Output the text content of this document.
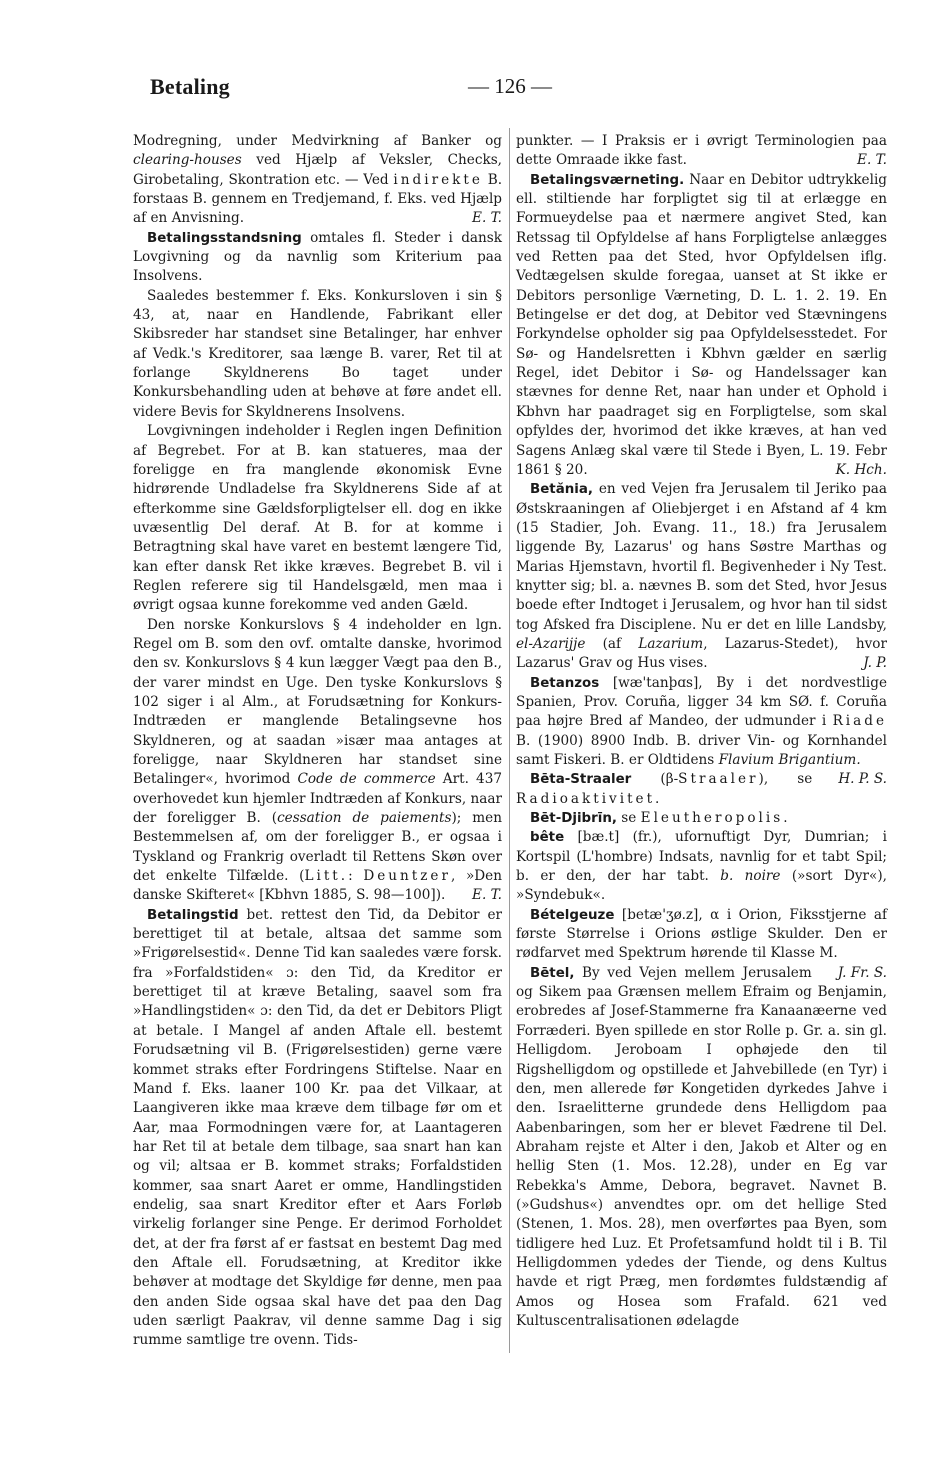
Betaling	— 126 —

Modregning, under Medvirkning af Banker og clearing-houses ved Hjælp af Veksler, Checks, Girobetaling, Skontration etc. — Ved indirekte B. forstaas B. gennem en Tredjemand, f. Eks. ved Hjælp af en Anvisning.	E. T.

Betalingsstandsning omtales fl. Steder i dansk Lovgivning og da navnlig som Kriterium paa Insolvens.

Saaledes bestemmer f. Eks. Konkursloven i sin § 43, at, naar en Handlende, Fabrikant eller Skibsreder har standset sine Betalinger, har enhver af Vedk.'s Kreditorer, saa længe B. varer, Ret til at forlange Skyldnerens Bo taget under Konkursbehandling uden at behøve at føre andet ell. videre Bevis for Skyldnerens Insolvens.

Lovgivningen indeholder i Reglen ingen Definition af Begrebet. For at B. kan statueres, maa der foreligge en fra manglende økonomisk Evne hidrørende Undladelse fra Skyldnerens Side af at efterkomme sine Gældsforpligtelser ell. dog en ikke uvæsentlig Del deraf. At B. for at komme i Betragtning skal have varet en bestemt længere Tid, kan efter dansk Ret ikke kræves. Begrebet B. vil i Reglen referere sig til Handelsgæld, men maa i øvrigt ogsaa kunne forekomme ved anden Gæld.

Den norske Konkurslovs § 4 indeholder en lgn. Regel om B. som den ovf. omtalte danske, hvorimod den sv. Konkurslovs § 4 kun lægger Vægt paa den B., der varer mindst en Uge. Den tyske Konkurslovs § 102 siger i al Alm., at Forudsætning for Konkurs-Indtræden er manglende Betalingsevne hos Skyldneren, og at saadan »især maa antages at foreligge, naar Skyldneren har standset sine Betalinger«, hvorimod Code de commerce Art. 437 overhovedet kun hjemler Indtræden af Konkurs, naar der foreligger B. (cessation de paiements); men Bestemmelsen af, om der foreligger B., er ogsaa i Tyskland og Frankrig overladt til Rettens Skøn over det enkelte Tilfælde. (Litt.: Deuntzer, »Den danske Skifteret« [Kbhvn 1885, S. 98—100]).	E. T.

Betalingstid bet. rettest den Tid, da Debitor er berettiget til at betale, altsaa det samme som »Frigørelsestid«. Denne Tid kan saaledes være forsk. fra »Forfaldstiden« ɔ: den Tid, da Kreditor er berettiget til at kræve Betaling, saavel som fra »Handlingstiden« ɔ: den Tid, da det er Debitors Pligt at betale. I Mangel af anden Aftale ell. bestemt Forudsætning vil B. (Frigørelsestiden) gerne være kommet straks efter Fordringens Stiftelse. Naar en Mand f. Eks. laaner 100 Kr. paa det Vilkaar, at Laangiveren ikke maa kræve dem tilbage før om et Aar, maa Formodningen være for, at Laantageren har Ret til at betale dem tilbage, saa snart han kan og vil; altsaa er B. kommet straks; Forfaldstiden kommer, saa snart Aaret er omme, Handlingstiden endelig, saa snart Kreditor efter et Aars Forløb virkelig forlanger sine Penge. Er derimod Forholdet det, at der fra først af er fastsat en bestemt Dag med den Aftale ell. Forudsætning, at Kreditor ikke behøver at modtage det Skyldige før denne, men paa den anden Side ogsaa skal have det paa den Dag uden særligt Paakrav, vil denne samme Dag i sig rumme samtlige tre ovenn. Tids-

punkter. — I Praksis er i øvrigt Terminologien paa dette Omraade ikke fast.	E. T.

Betalingsværneting. Naar en Debitor udtrykkelig ell. stiltiende har forpligtet sig til at erlægge en Formueydelse paa et nærmere angivet Sted, kan Retssag til Opfyldelse af hans Forpligtelse anlægges ved Retten paa det Sted, hvor Opfyldelsen iflg. Vedtægelsen skulde foregaa, uanset at St ikke er Debitors personlige Værneting, D. L. 1. 2. 19. En Betingelse er det dog, at Debitor ved Stævningens Forkyndelse opholder sig paa Opfyldelsesstedet. For Sø- og Handelsretten i Kbhvn gælder en særlig Regel, idet Debitor i Sø- og Handelssager kan stævnes for denne Ret, naar han under et Ophold i Kbhvn har paadraget sig en Forpligtelse, som skal opfyldes der, hvorimod det ikke kræves, at han ved Sagens Anlæg skal være til Stede i Byen, L. 19. Febr 1861 § 20.	K. Hch.

Betănia, en ved Vejen fra Jerusalem til Jeriko paa Østskraaningen af Oliebjerget i en Afstand af 4 km (15 Stadier, Joh. Evang. 11., 18.) fra Jerusalem liggende By, Lazarus' og hans Søstre Marthas og Marias Hjemstavn, hvortil fl. Begivenheder i Ny Test. knytter sig; bl. a. nævnes B. som det Sted, hvor Jesus boede efter Indtoget i Jerusalem, og hvor han til sidst tog Afsked fra Disciplene. Nu er det en lille Landsby, el-Azarijje (af Lazarium, Lazarus-Stedet), hvor Lazarus' Grav og Hus vises.	J. P.

Betanzos [wæ'tanþɑs], By i det nordvestlige Spanien, Prov. Coruña, ligger 34 km SØ. f. Coruña paa højre Bred af Mandeo, der udmunder i Riade B. (1900) 8900 Indb. B. driver Vin- og Kornhandel samt Fiskeri. B. er Oldtidens Flavium Brigantium.
H. P. S.

Bēta-Straaler (β-Straaler), se Radioaktivitet.

Bēt-Djibrīn, se Eleutheropolis.

bête [bæ.t] (fr.), ufornuftigt Dyr, Dumrian; i Kortspil (L'hombre) Indsats, navnlig for et tabt Spil; b. er den, der har tabt. b. noire (»sort Dyr«), »Syndebuk«.

Bételgeuze [betæ'ʒø.z], α i Orion, Fiksstjerne af første Størrelse i Orions østlige Skulder. Den er rødfarvet med Spektrum hørende til Klasse M.
J. Fr. S.

Bētel, By ved Vejen mellem Jerusalem og Sikem paa Grænsen mellem Efraim og Benjamin, erobredes af Josef-Stammerne fra Kanaanæerne ved Forræderi. Byen spillede en stor Rolle p. Gr. a. sin gl. Helligdom. Jeroboam I ophøjede den til Rigshelligdom og opstillede et Jahvebillede (en Tyr) i den, men allerede før Kongetiden dyrkedes Jahve i den. Israelitterne grundede dens Helligdom paa Aabenbaringen, som her er blevet Fædrene til Del. Abraham rejste et Alter i den, Jakob et Alter og en hellig Sten (1. Mos. 12.28), under en Eg var Rebekka's Amme, Debora, begravet. Navnet B. (»Gudshus«) anvendtes opr. om det hellige Sted (Stenen, 1. Mos. 28), men overførtes paa Byen, som tidligere hed Luz. Et Profetsamfund holdt til i B. Til Helligdommen ydedes der Tiende, og dens Kultus havde et rigt Præg, men fordømtes fuldstændig af Amos og Hosea som Frafald. 621 ved Kultuscentralisationen ødelagde
